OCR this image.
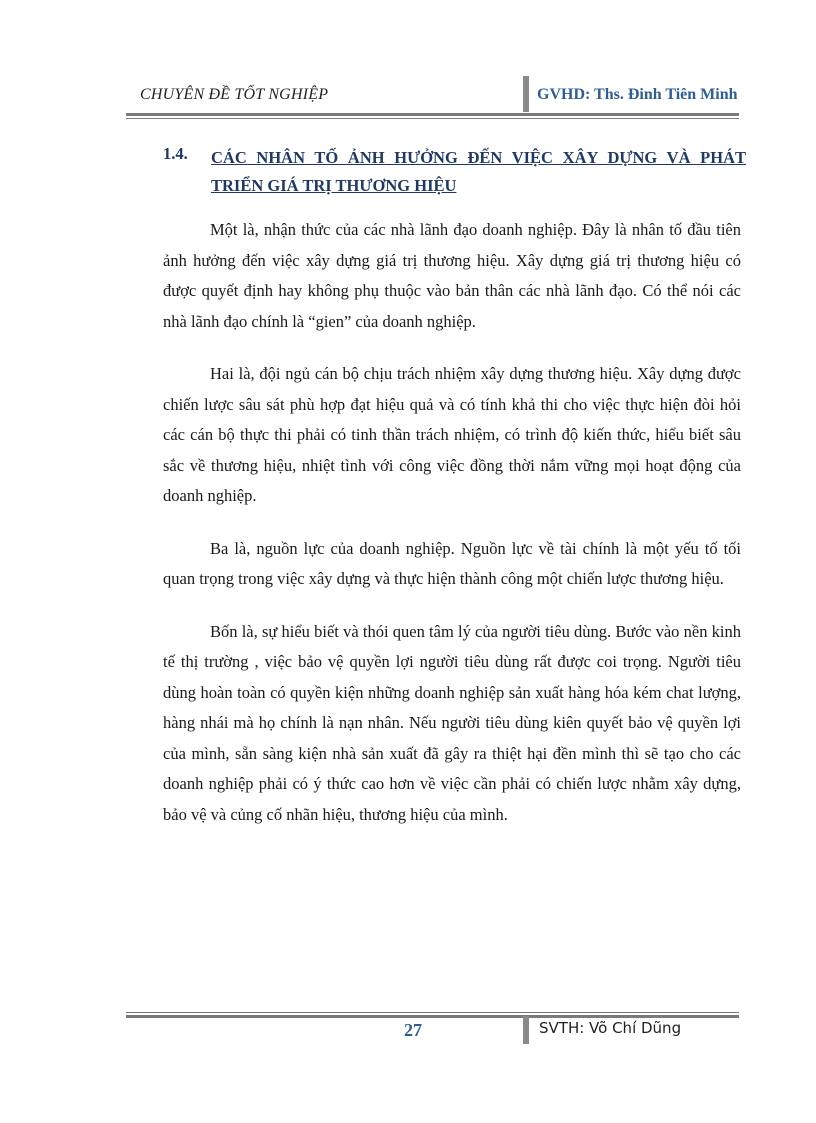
CHUYÊN ĐỀ TỐT NGHIỆP	GVHD: Ths. Đinh Tiên Minh
1.4. CÁC NHÂN TỐ ẢNH HƯỞNG ĐẾN VIỆC XÂY DỰNG VÀ PHÁT TRIỂN GIÁ TRỊ THƯƠNG HIỆU

Một là, nhận thức của các nhà lãnh đạo doanh nghiệp. Đây là nhân tố đầu tiên ảnh hưởng đến việc xây dựng giá trị thương hiệu. Xây dựng giá trị thương hiệu có được quyết định hay không phụ thuộc vào bản thân các nhà lãnh đạo. Có thể nói các nhà lãnh đạo chính là “gien” của doanh nghiệp.

Hai là, đội ngủ cán bộ chịu trách nhiệm xây dựng thương hiệu. Xây dựng được chiến lược sâu sát phù hợp đạt hiệu quả và có tính khả thi cho việc thực hiện đòi hỏi các cán bộ thực thi phải có tinh thần trách nhiệm, có trình độ kiến thức, hiểu biết sâu sắc về thương hiệu, nhiệt tình với công việc đồng thời nắm vững mọi hoạt động của doanh nghiệp.

Ba là, nguồn lực của doanh nghiệp. Nguồn lực về tài chính là một yếu tố tối quan trọng trong việc xây dựng và thực hiện thành công một chiến lược thương hiệu.

Bốn là, sự hiểu biết và thói quen tâm lý của người tiêu dùng. Bước vào nền kinh tế thị trường , việc bảo vệ quyền lợi người tiêu dùng rất được coi trọng. Người tiêu dùng hoàn toàn có quyền kiện những doanh nghiệp sản xuất hàng hóa kém chat lượng, hàng nhái mà họ chính là nạn nhân. Nếu người tiêu dùng kiên quyết bảo vệ quyền lợi của mình, sẵn sàng kiện nhà sản xuất đã gây ra thiệt hại đền mình thì sẽ tạo cho các doanh nghiệp phải có ý thức cao hơn về việc cần phải có chiến lược nhằm xây dựng, bảo vệ và củng cố nhãn hiệu, thương hiệu của mình.

27	SVTH: Võ Chí Dũng
